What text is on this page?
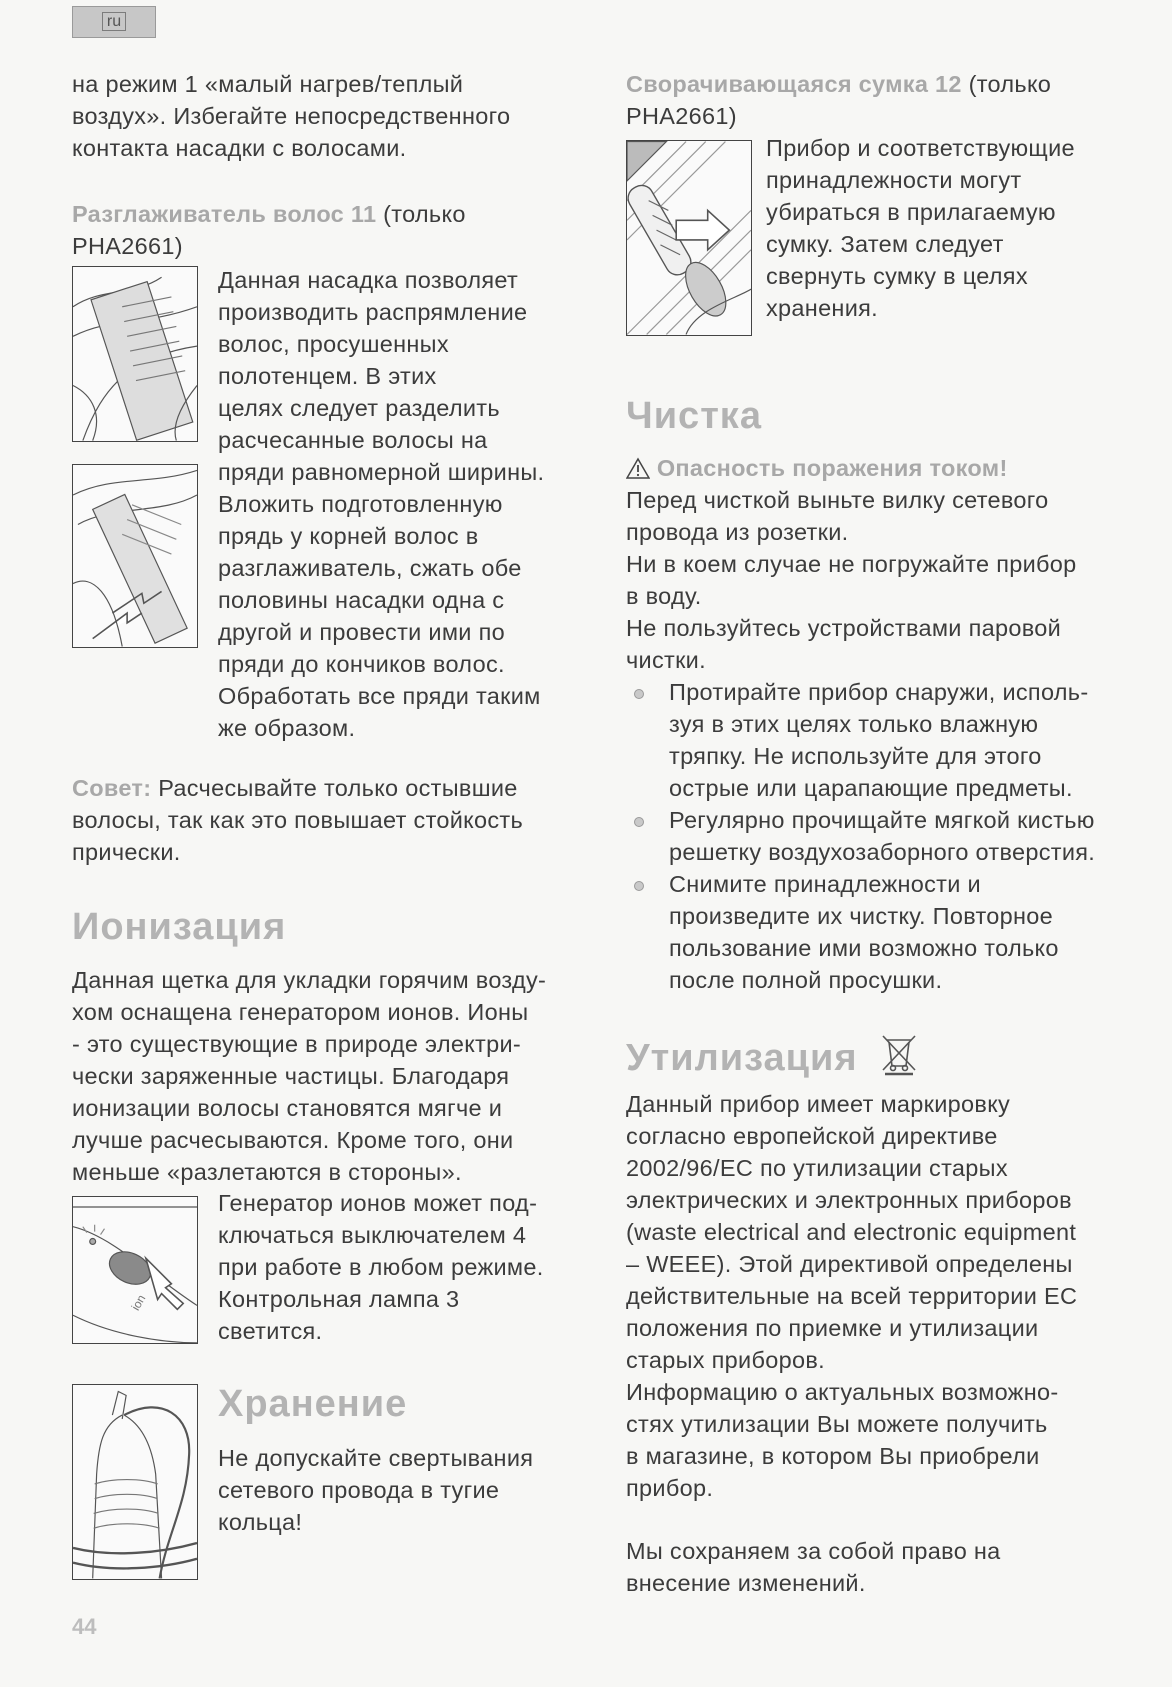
ru

на режим 1 «малый нагрев/теплый

воздух». Избегайте непосредственного

контакта насадки с волосами.

Разглаживатель волос 11 (только

PHA2661)

Данная насадка позволяет

производить распрямление

волос, просушенных

полотенцем. В этих

целях следует разделить

расчесанные волосы на

пряди равномерной ширины.

Вложить подготовленную

прядь у корней волос в

разглаживатель, сжать обе

половины насадки одна с

другой и провести ими по

пряди до кончиков волос.

Обработать все пряди таким

же образом.

Совет: Расчесывайте только остывшие

волосы, так как это повышает стойкость

прически.

Ионизация

Данная щетка для укладки горячим возду-

хом оснащена генератором ионов. Ионы

- это существующие в природе электри-

чески заряженные частицы. Благодаря

ионизации волосы становятся мягче и

лучше расчесываются. Кроме того, они

меньше «разлетаются в стороны».

ion

Генератор ионов может под-

ключаться выключателем 4

при работе в любом режиме.

Контрольная лампа 3

светится.

Хранение

Не допускайте свертывания

сетевого провода в тугие

кольца!

44

Сворачивающаяся сумка 12 (только

PHA2661)

Прибор и соответствующие

принадлежности могут

убираться в прилагаемую

сумку. Затем следует

свернуть сумку в целях

хранения.

Чистка

Опасность поражения током!

Перед чисткой выньте вилку сетевого

провода из розетки.

Ни в коем случае не погружайте прибор

в воду.

Не пользуйтесь устройствами паровой

чистки.

Протирайте прибор снаружи, исполь-

зуя в этих целях только влажную

тряпку. Не используйте для этого

острые или царапающие предметы.

Регулярно прочищайте мягкой кистью

решетку воздухозаборного отверстия.

Снимите принадлежности и

произведите их чистку. Повторное

пользование ими возможно только

после полной просушки.

Утилизация

Данный прибор имеет маркировку

согласно европейской директиве

2002/96/EC по утилизации старых

электрических и электронных приборов

(waste electrical and electronic equipment

– WEEE). Этой директивой определены

действительные на всей территории ЕС

положения по приемке и утилизации

старых приборов.

Информацию о актуальных возможно-

стях утилизации Вы можете получить

в магазине, в котором Вы приобрели

прибор.

Мы сохраняем за собой право на

внесение изменений.
